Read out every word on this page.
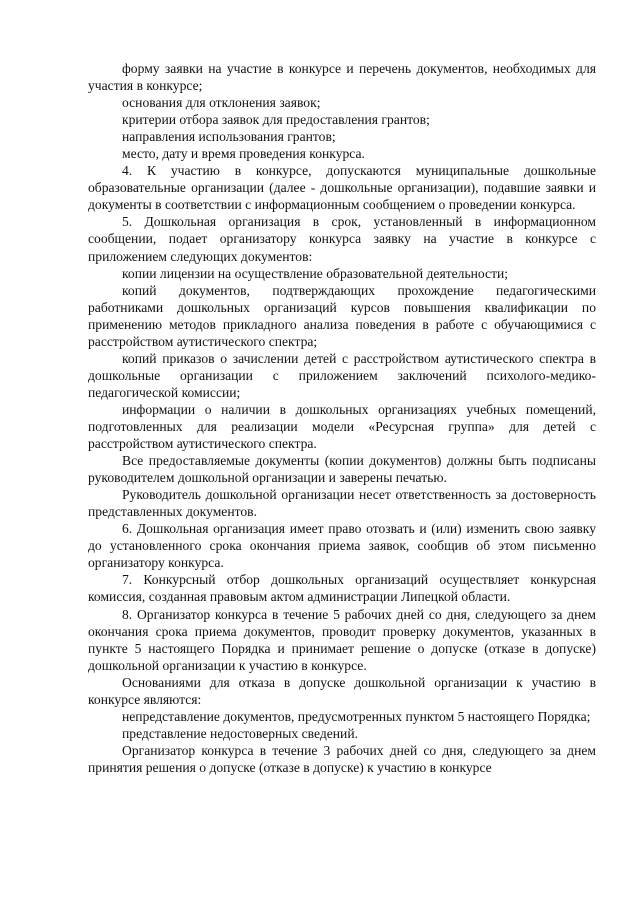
форму заявки на участие в конкурсе и перечень документов, необходимых для участия в конкурсе;

основания для отклонения заявок;

критерии отбора заявок для предоставления грантов;

направления использования грантов;

место, дату и время проведения конкурса.

4. К участию в конкурсе, допускаются муниципальные дошкольные образовательные организации (далее - дошкольные организации), подавшие заявки и документы в соответствии с информационным сообщением о проведении конкурса.

5. Дошкольная организация в срок, установленный в информационном сообщении, подает организатору конкурса заявку на участие в конкурсе с приложением следующих документов:

копии лицензии на осуществление образовательной деятельности;

копий документов, подтверждающих прохождение педагогическими работниками дошкольных организаций курсов повышения квалификации по применению методов прикладного анализа поведения в работе с обучающимися с расстройством аутистического спектра;

копий приказов о зачислении детей с расстройством аутистического спектра в дошкольные организации с приложением заключений психолого-медико-педагогической комиссии;

информации о наличии в дошкольных организациях учебных помещений, подготовленных для реализации модели «Ресурсная группа» для детей с расстройством аутистического спектра.

Все предоставляемые документы (копии документов) должны быть подписаны руководителем дошкольной организации и заверены печатью.

Руководитель дошкольной организации несет ответственность за достоверность представленных документов.

6. Дошкольная организация имеет право отозвать и (или) изменить свою заявку до установленного срока окончания приема заявок, сообщив об этом письменно организатору конкурса.

7. Конкурсный отбор дошкольных организаций осуществляет конкурсная комиссия, созданная правовым актом администрации Липецкой области.

8. Организатор конкурса в течение 5 рабочих дней со дня, следующего за днем окончания срока приема документов, проводит проверку документов, указанных в пункте 5 настоящего Порядка и принимает решение о допуске (отказе в допуске) дошкольной организации к участию в конкурсе.

Основаниями для отказа в допуске дошкольной организации к участию в конкурсе являются:

непредставление документов, предусмотренных пунктом 5 настоящего Порядка;

представление недостоверных сведений.

Организатор конкурса в течение 3 рабочих дней со дня, следующего за днем принятия решения о допуске (отказе в допуске) к участию в конкурсе
